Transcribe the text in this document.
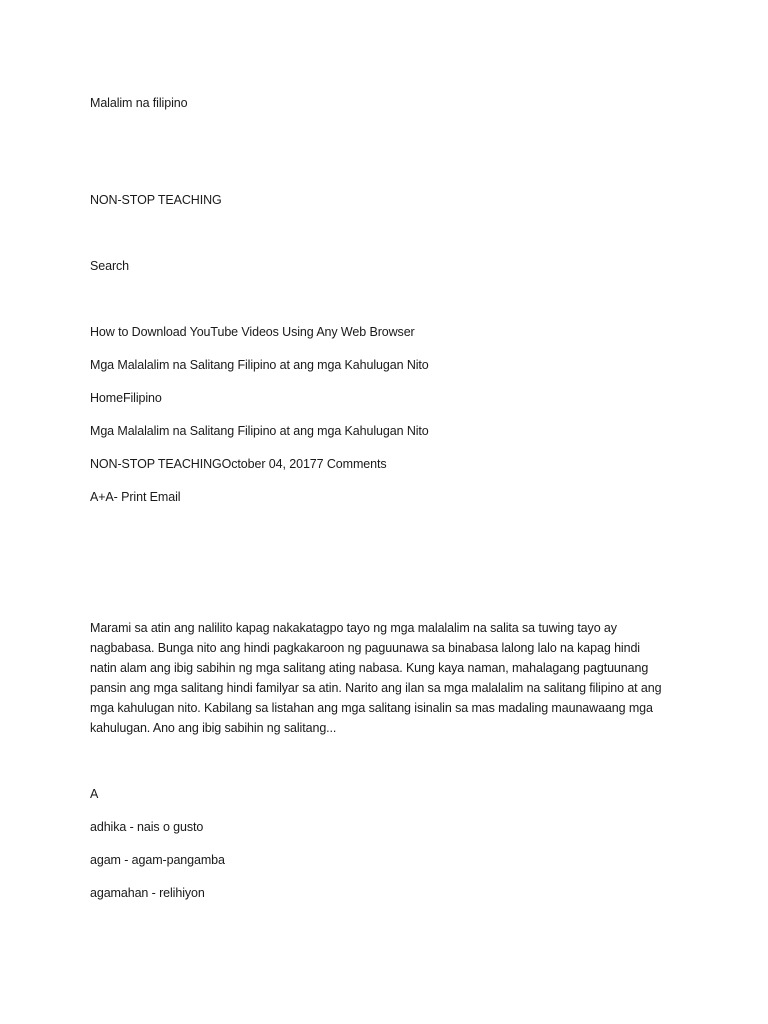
Malalim na filipino
NON-STOP TEACHING
Search
How to Download YouTube Videos Using Any Web Browser
Mga Malalalim na Salitang Filipino at ang mga Kahulugan Nito
HomeFilipino
Mga Malalalim na Salitang Filipino at ang mga Kahulugan Nito
NON-STOP TEACHINGOctober 04, 20177 Comments
A+A- Print Email

Marami sa atin ang nalilito kapag nakakatagpo tayo ng mga malalalim na salita sa tuwing tayo ay

nagbabasa. Bunga nito ang hindi pagkakaroon ng paguunawa sa binabasa lalong lalo na kapag hindi

natin alam ang ibig sabihin ng mga salitang ating nabasa. Kung kaya naman, mahalagang pagtuunang

pansin ang mga salitang hindi familyar sa atin. Narito ang ilan sa mga malalalim na salitang filipino at ang

mga kahulugan nito. Kabilang sa listahan ang mga salitang isinalin sa mas madaling maunawaang mga

kahulugan. Ano ang ibig sabihin ng salitang...

A
adhika - nais o gusto
agam - agam-pangamba
agamahan - relihiyon
